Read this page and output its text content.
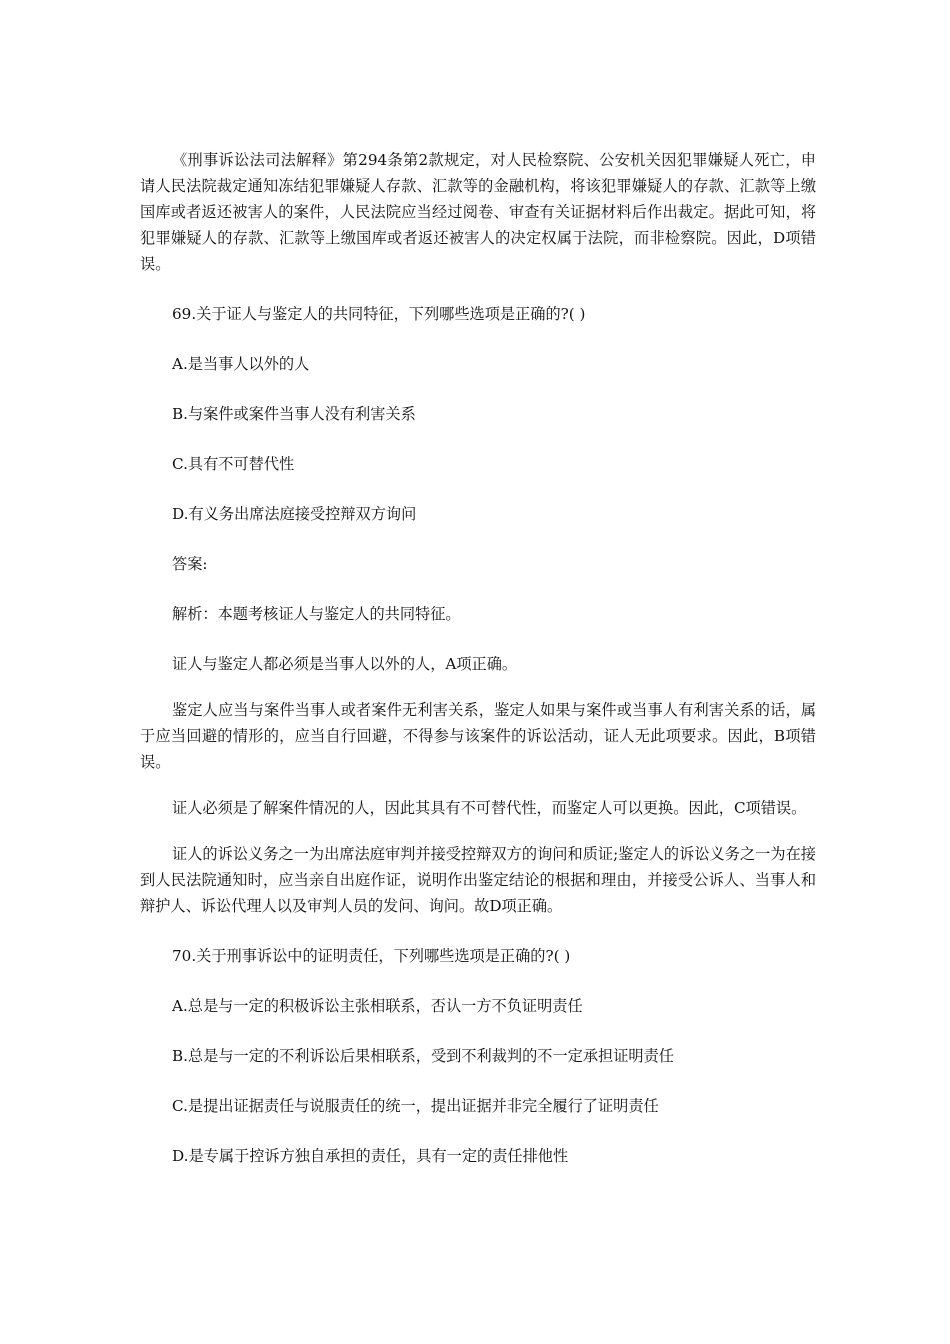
《刑事诉讼法司法解释》第294条第2款规定，对人民检察院、公安机关因犯罪嫌疑人死亡，申请人民法院裁定通知冻结犯罪嫌疑人存款、汇款等的金融机构，将该犯罪嫌疑人的存款、汇款等上缴国库或者返还被害人的案件，人民法院应当经过阅卷、审查有关证据材料后作出裁定。据此可知，将犯罪嫌疑人的存款、汇款等上缴国库或者返还被害人的决定权属于法院，而非检察院。因此，D项错误。

69.关于证人与鉴定人的共同特征，下列哪些选项是正确的?( )

A.是当事人以外的人

B.与案件或案件当事人没有利害关系

C.具有不可替代性

D.有义务出席法庭接受控辩双方询问

答案:

解析：本题考核证人与鉴定人的共同特征。

证人与鉴定人都必须是当事人以外的人，A项正确。

鉴定人应当与案件当事人或者案件无利害关系，鉴定人如果与案件或当事人有利害关系的话，属于应当回避的情形的，应当自行回避，不得参与该案件的诉讼活动，证人无此项要求。因此，B项错误。

证人必须是了解案件情况的人，因此其具有不可替代性，而鉴定人可以更换。因此，C项错误。

证人的诉讼义务之一为出席法庭审判并接受控辩双方的询问和质证;鉴定人的诉讼义务之一为在接到人民法院通知时，应当亲自出庭作证，说明作出鉴定结论的根据和理由，并接受公诉人、当事人和辩护人、诉讼代理人以及审判人员的发问、询问。故D项正确。

70.关于刑事诉讼中的证明责任，下列哪些选项是正确的?( )

A.总是与一定的积极诉讼主张相联系，否认一方不负证明责任

B.总是与一定的不利诉讼后果相联系，受到不利裁判的不一定承担证明责任

C.是提出证据责任与说服责任的统一，提出证据并非完全履行了证明责任

D.是专属于控诉方独自承担的责任，具有一定的责任排他性
